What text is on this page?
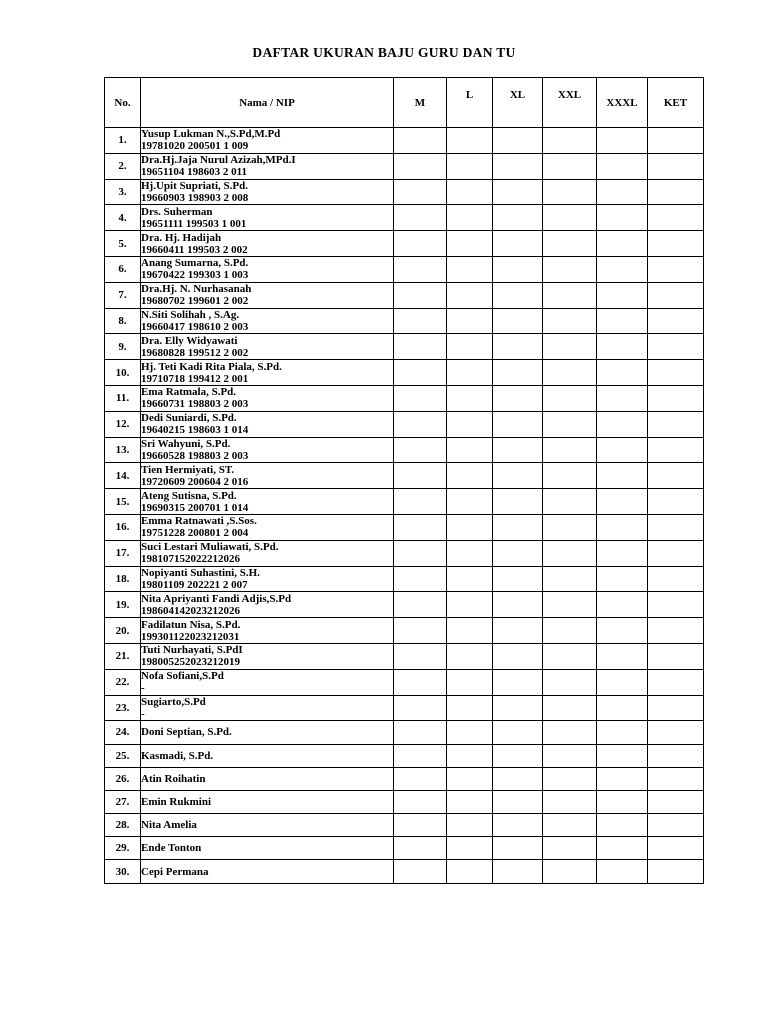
DAFTAR UKURAN BAJU GURU DAN TU
No.	Nama / NIP	M	L	XL	XXL	XXXL	KET
1.	Yusup Lukman N.,S.Pd,M.Pd
19781020 200501 1 009						

2.	Dra.Hj.Jaja Nurul Azizah,MPd.I
19651104 198603 2 011						

3.	Hj.Upit Supriati, S.Pd.
19660903 198903 2 008						

4.	Drs. Suherman
19651111 199503 1 001						

5.	Dra. Hj. Hadijah
19660411 199503 2 002						

6.	Anang Sumarna, S.Pd.
19670422 199303 1 003						

7.	Dra.Hj. N. Nurhasanah
19680702 199601 2 002						

8.	N.Siti Solihah , S.Ag.
19660417 198610 2 003						

9.	Dra. Elly Widyawati
19680828 199512 2 002						

10.	Hj. Teti Kadi Rita Piala, S.Pd.
19710718 199412 2 001						

11.	Ema Ratmala, S.Pd.
19660731 198803 2 003						

12.	Dedi Suniardi, S.Pd.
19640215 198603 1 014						

13.	Sri Wahyuni, S.Pd.
19660528 198803 2 003						

14.	Tien Hermiyati, ST.
19720609 200604 2 016						

15.	Ateng Sutisna, S.Pd.
19690315 200701 1 014						

16.	Emma Ratnawati ,S.Sos.
19751228 200801 2 004						

17.	Suci Lestari Muliawati, S.Pd.
198107152022212026						

18.	Nopiyanti Suhastini, S.H.
19801109 202221 2 007						

19.	Nita Apriyanti Fandi Adjis,S.Pd
198604142023212026						

20.	Fadilatun Nisa, S.Pd.
199301122023212031						

21.	Tuti Nurhayati, S.PdI
198005252023212019						

22.	Nofa Sofiani,S.Pd
-						

23.	Sugiarto,S.Pd
-						

24.	Doni Septian, S.Pd.						

25.	Kasmadi, S.Pd.						

26.	Atin Roihatin						

27.	Emin Rukmini						

28.	Nita Amelia						

29.	Ende Tonton						

30.	Cepi Permana						
